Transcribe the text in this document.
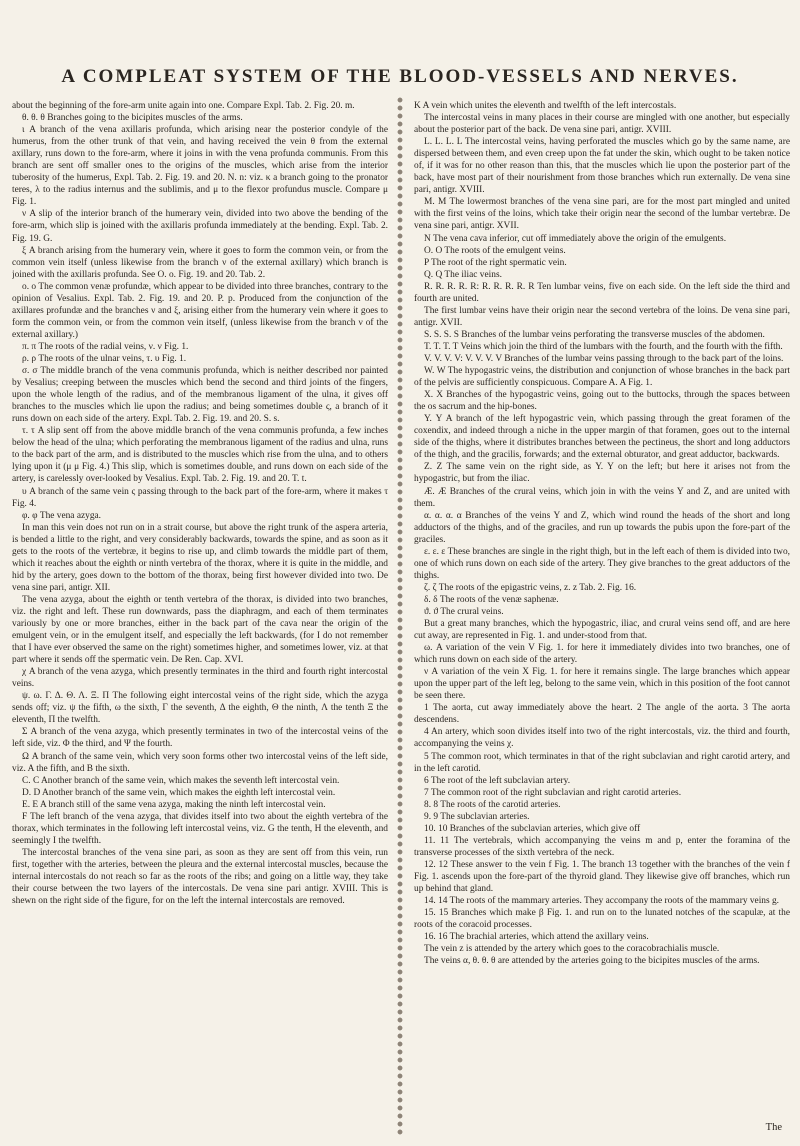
A COMPLEAT SYSTEM OF THE BLOOD-VESSELS AND NERVES.

about the beginning of the fore-arm unite again into one. Compare Expl. Tab. 2. Fig. 20. m.

θ. θ. θ Branches going to the bicipites muscles of the arms.

ι A branch of the vena axillaris profunda, which arising near the posterior condyle of the humerus, from the other trunk of that vein, and having received the vein θ from the external axillary, runs down to the fore-arm, where it joins in with the vena profunda communis. From this branch are sent off smaller ones to the origins of the muscles, which arise from the interior tuberosity of the humerus, Expl. Tab. 2. Fig. 19. and 20. N. n: viz. κ a branch going to the pronator teres, λ to the radius internus and the sublimis, and μ to the flexor profundus muscle. Compare μ Fig. 1.

ν A slip of the interior branch of the humerary vein, divided into two above the bending of the fore-arm, which slip is joined with the axillaris profunda immediately at the bending. Expl. Tab. 2. Fig. 19. G.

ξ A branch arising from the humerary vein, where it goes to form the common vein, or from the common vein itself (unless likewise from the branch ν of the external axillary) which branch is joined with the axillaris profunda. See O. o. Fig. 19. and 20. Tab. 2.

ο. ο The common venæ profundæ, which appear to be divided into three branches, contrary to the opinion of Vesalius. Expl. Tab. 2. Fig. 19. and 20. P. p. Produced from the conjunction of the axillares profundæ and the branches ν and ξ, arising either from the humerary vein where it goes to form the common vein, or from the common vein itself, (unless likewise from the branch ν of the external axillary.)

π. π The roots of the radial veins, ν. ν Fig. 1.

ρ. ρ The roots of the ulnar veins, τ. υ Fig. 1.

σ. σ The middle branch of the vena communis profunda, which is neither described nor painted by Vesalius; creeping between the muscles which bend the second and third joints of the fingers, upon the whole length of the radius, and of the membranous ligament of the ulna, it gives off branches to the muscles which lie upon the radius; and being sometimes double ς, a branch of it runs down on each side of the artery. Expl. Tab. 2. Fig. 19. and 20. S. s.

τ. τ A slip sent off from the above middle branch of the vena communis profunda, a few inches below the head of the ulna; which perforating the membranous ligament of the radius and ulna, runs to the back part of the arm, and is distributed to the muscles which rise from the ulna, and to others lying upon it (μ μ Fig. 4.) This slip, which is sometimes double, and runs down on each side of the artery, is carelessly over-looked by Vesalius. Expl. Tab. 2. Fig. 19. and 20. T. t.

υ A branch of the same vein ς passing through to the back part of the fore-arm, where it makes τ Fig. 4.

φ. φ The vena azyga.

In man this vein does not run on in a strait course, but above the right trunk of the aspera arteria, is bended a little to the right, and very considerably backwards, towards the spine, and as soon as it gets to the roots of the vertebræ, it begins to rise up, and climb towards the middle part of them, which it reaches about the eighth or ninth vertebra of the thorax, where it is quite in the middle, and hid by the artery, goes down to the bottom of the thorax, being first however divided into two. De vena sine pari, antigr. XII.

The vena azyga, about the eighth or tenth vertebra of the thorax, is divided into two branches, viz. the right and left. These run downwards, pass the diaphragm, and each of them terminates variously by one or more branches, either in the back part of the cava near the origin of the emulgent vein, or in the emulgent itself, and especially the left backwards, (for I do not remember that I have ever observed the same on the right) sometimes higher, and sometimes lower, viz. at that part where it sends off the spermatic vein. De Ren. Cap. XVI.

χ A branch of the vena azyga, which presently terminates in the third and fourth right intercostal veins.

ψ. ω. Γ. Δ. Θ. Λ. Ξ. Π The following eight intercostal veins of the right side, which the azyga sends off; viz. ψ the fifth, ω the sixth, Γ the seventh, Δ the eighth, Θ the ninth, Λ the tenth Ξ the eleventh, Π the twelfth.

Σ A branch of the vena azyga, which presently terminates in two of the intercostal veins of the left side, viz. Φ the third, and Ψ the fourth.

Ω A branch of the same vein, which very soon forms other two intercostal veins of the left side, viz. A the fifth, and B the sixth.

C. C Another branch of the same vein, which makes the seventh left intercostal vein.

D. D Another branch of the same vein, which makes the eighth left intercostal vein.

E. E A branch still of the same vena azyga, making the ninth left intercostal vein.

F The left branch of the vena azyga, that divides itself into two about the eighth vertebra of the thorax, which terminates in the following left intercostal veins, viz. G the tenth, H the eleventh, and seemingly I the twelfth.

The intercostal branches of the vena sine pari, as soon as they are sent off from this vein, run first, together with the arteries, between the pleura and the external intercostal muscles, because the internal intercostals do not reach so far as the roots of the ribs; and going on a little way, they take their course between the two layers of the intercostals. De vena sine pari antigr. XVIII. This is shewn on the right side of the figure, for on the left the internal intercostals are removed.

K A vein which unites the eleventh and twelfth of the left intercostals.

The intercostal veins in many places in their course are mingled with one another, but especially about the posterior part of the back. De vena sine pari, antigr. XVIII.

L. L. L. L The intercostal veins, having perforated the muscles which go by the same name, are dispersed between them, and even creep upon the fat under the skin, which ought to be taken notice of, if it was for no other reason than this, that the muscles which lie upon the posterior part of the back, have most part of their nourishment from those branches which run externally. De vena sine pari, antigr. XVIII.

M. M The lowermost branches of the vena sine pari, are for the most part mingled and united with the first veins of the loins, which take their origin near the second of the lumbar vertebræ. De vena sine pari, antigr. XVII.

N The vena cava inferior, cut off immediately above the origin of the emulgents.

O. O The roots of the emulgent veins.

P The root of the right spermatic vein.

Q. Q The iliac veins.

R. R. R. R. R: R. R. R. R. R Ten lumbar veins, five on each side. On the left side the third and fourth are united.

The first lumbar veins have their origin near the second vertebra of the loins. De vena sine pari, antigr. XVII.

S. S. S. S Branches of the lumbar veins perforating the transverse muscles of the abdomen.

T. T. T. T Veins which join the third of the lumbars with the fourth, and the fourth with the fifth.

V. V. V. V: V. V. V. V Branches of the lumbar veins passing through to the back part of the loins.

W. W The hypogastric veins, the distribution and conjunction of whose branches in the back part of the pelvis are sufficiently conspicuous. Compare A. A Fig. 1.

X. X Branches of the hypogastric veins, going out to the buttocks, through the spaces between the os sacrum and the hip-bones.

Y. Y A branch of the left hypogastric vein, which passing through the great foramen of the coxendix, and indeed through a niche in the upper margin of that foramen, goes out to the internal side of the thighs, where it distributes branches between the pectineus, the short and long adductors of the thigh, and the gracilis, forwards; and the external obturator, and great adductor, backwards.

Z. Z The same vein on the right side, as Y. Y on the left; but here it arises not from the hypogastric, but from the iliac.

Æ. Æ Branches of the crural veins, which join in with the veins Y and Z, and are united with them.

α. α. α. α Branches of the veins Y and Z, which wind round the heads of the short and long adductors of the thighs, and of the graciles, and run up towards the pubis upon the fore-part of the graciles.

ε. ε. ε These branches are single in the right thigh, but in the left each of them is divided into two, one of which runs down on each side of the artery. They give branches to the great adductors of the thighs.

ζ. ζ The roots of the epigastric veins, z. z Tab. 2. Fig. 16.

δ. δ The roots of the venæ saphenæ.

ϑ. ϑ The crural veins.

But a great many branches, which the hypogastric, iliac, and crural veins send off, and are here cut away, are represented in Fig. 1. and under-stood from that.

ω. A variation of the vein V Fig. 1. for here it immediately divides into two branches, one of which runs down on each side of the artery.

ν A variation of the vein X Fig. 1. for here it remains single. The large branches which appear upon the upper part of the left leg, belong to the same vein, which in this position of the foot cannot be seen there.

1 The aorta, cut away immediately above the heart. 2 The angle of the aorta. 3 The aorta descendens.

4 An artery, which soon divides itself into two of the right intercostals, viz. the third and fourth, accompanying the veins χ.

5 The common root, which terminates in that of the right subclavian and right carotid artery, and in the left carotid.

6 The root of the left subclavian artery.

7 The common root of the right subclavian and right carotid arteries.

8. 8 The roots of the carotid arteries.

9. 9 The subclavian arteries.

10. 10 Branches of the subclavian arteries, which give off

11. 11 The vertebrals, which accompanying the veins m and p, enter the foramina of the transverse processes of the sixth vertebra of the neck.

12. 12 These answer to the vein f Fig. 1. The branch 13 together with the branches of the vein f Fig. 1. ascends upon the fore-part of the thyroid gland. They likewise give off branches, which run up behind that gland.

14. 14 The roots of the mammary arteries. They accompany the roots of the mammary veins g.

15. 15 Branches which make β Fig. 1. and run on to the lunated notches of the scapulæ, at the roots of the coracoid processes.

16. 16 The brachial arteries, which attend the axillary veins.

The vein z is attended by the artery which goes to the coracobrachialis muscle.

The veins α, θ. θ. θ are attended by the arteries going to the bicipites muscles of the arms.

The
